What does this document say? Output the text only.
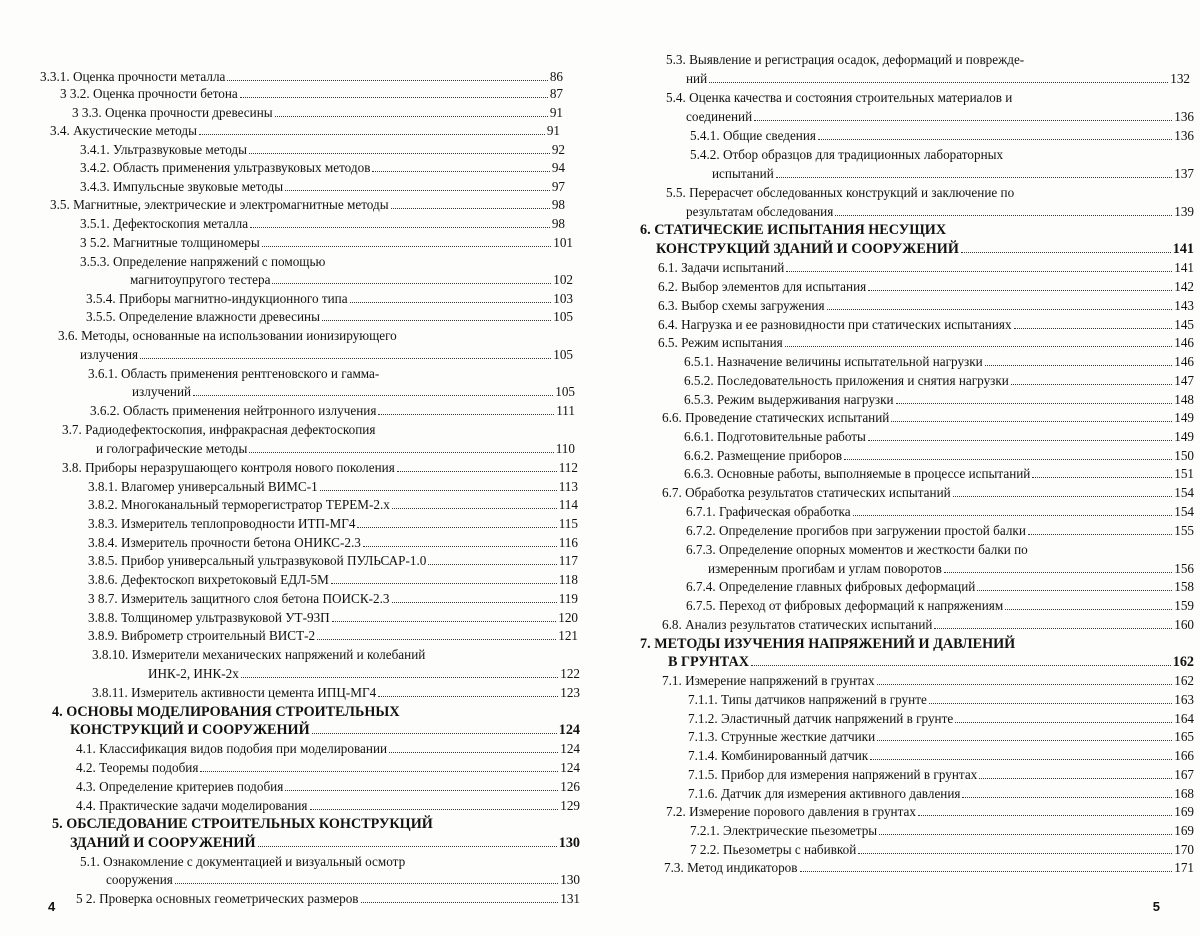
3.3.1. Оценка прочности металла	86
3 3.2. Оценка прочности бетона	87
3 3.3. Оценка прочности древесины	91
3.4. Акустические методы	91
3.4.1. Ультразвуковые методы	92
3.4.2. Область применения ультразвуковых методов	94
3.4.3. Импульсные звуковые методы	97
3.5. Магнитные, электрические и электромагнитные методы	98
3.5.1. Дефектоскопия металла	98
3 5.2. Магнитные толщиномеры	101
3.5.3. Определение напряжений с помощью
магнитоупругого тестера	102
3.5.4. Приборы магнитно-индукционного типа	103
3.5.5. Определение влажности древесины	105
3.6. Методы, основанные на использовании ионизирующего
излучения	105
3.6.1. Область применения рентгеновского и гамма-
излучений	105
3.6.2. Область применения нейтронного излучения	111
3.7. Радиодефектоскопия, инфракрасная дефектоскопия
и голографические методы	110
3.8. Приборы неразрушающего контроля нового поколения	112
3.8.1. Влагомер универсальный ВИМС-1	113
3.8.2. Многоканальный терморегистратор ТЕРЕМ-2.х	114
3.8.3. Измеритель теплопроводности ИТП-МГ4	115
3.8.4. Измеритель прочности бетона ОНИКС-2.3	116
3.8.5. Прибор универсальный ультразвуковой ПУЛЬСАР-1.0	117
3.8.6. Дефектоскоп вихретоковый ЕДЛ-5М	118
3 8.7. Измеритель защитного слоя бетона ПОИСК-2.3	119
3.8.8. Толщиномер ультразвуковой УТ-93П	120
3.8.9. Виброметр строительный ВИСТ-2	121
3.8.10. Измерители механических напряжений и колебаний
ИНК-2, ИНК-2х	122
3.8.11. Измеритель активности цемента ИПЦ-МГ4	123
4. ОСНОВЫ МОДЕЛИРОВАНИЯ СТРОИТЕЛЬНЫХ
КОНСТРУКЦИЙ И СООРУЖЕНИЙ	124
4.1. Классификация видов подобия при моделировании	124
4.2. Теоремы подобия	124
4.3. Определение критериев подобия	126
4.4. Практические задачи моделирования	129
5. ОБСЛЕДОВАНИЕ СТРОИТЕЛЬНЫХ КОНСТРУКЦИЙ
ЗДАНИЙ И СООРУЖЕНИЙ	130
5.1. Ознакомление с документацией и визуальный осмотр
сооружения	130
5 2. Проверка основных геометрических размеров	131
4
5.3. Выявление и регистрация осадок, деформаций и поврежде-
ний	132
5.4. Оценка качества и состояния строительных материалов и
соединений	136
5.4.1. Общие сведения	136
5.4.2. Отбор образцов для традиционных лабораторных
испытаний	137
5.5. Перерасчет обследованных конструкций и заключение по
результатам обследования	139
6. СТАТИЧЕСКИЕ ИСПЫТАНИЯ НЕСУЩИХ
КОНСТРУКЦИЙ ЗДАНИЙ И СООРУЖЕНИЙ	141
6.1. Задачи испытаний	141
6.2. Выбор элементов для испытания	142
6.3. Выбор схемы загружения	143
6.4. Нагрузка и ее разновидности при статических испытаниях	145
6.5. Режим испытания	146
6.5.1. Назначение величины испытательной нагрузки	146
6.5.2. Последовательность приложения и снятия нагрузки	147
6.5.3. Режим выдерживания нагрузки	148
6.6. Проведение статических испытаний	149
6.6.1. Подготовительные работы	149
6.6.2. Размещение приборов	150
6.6.3. Основные работы, выполняемые в процессе испытаний	151
6.7. Обработка результатов статических испытаний	154
6.7.1. Графическая обработка	154
6.7.2. Определение прогибов при загружении простой балки	155
6.7.3. Определение опорных моментов и жесткости балки по
измеренным прогибам и углам поворотов	156
6.7.4. Определение главных фибровых деформаций	158
6.7.5. Переход от фибровых деформаций к напряжениям	159
6.8. Анализ результатов статических испытаний	160
7. МЕТОДЫ ИЗУЧЕНИЯ НАПРЯЖЕНИЙ И ДАВЛЕНИЙ
В ГРУНТАХ	162
7.1. Измерение напряжений в грунтах	162
7.1.1. Типы датчиков напряжений в грунте	163
7.1.2. Эластичный датчик напряжений в грунте	164
7.1.3. Струнные жесткие датчики	165
7.1.4. Комбинированный датчик	166
7.1.5. Прибор для измерения напряжений в грунтах	167
7.1.6. Датчик для измерения активного давления	168
7.2. Измерение порового давления в грунтах	169
7.2.1. Электрические пьезометры	169
7 2.2. Пьезометры с набивкой	170
7.3. Метод индикаторов	171
5
